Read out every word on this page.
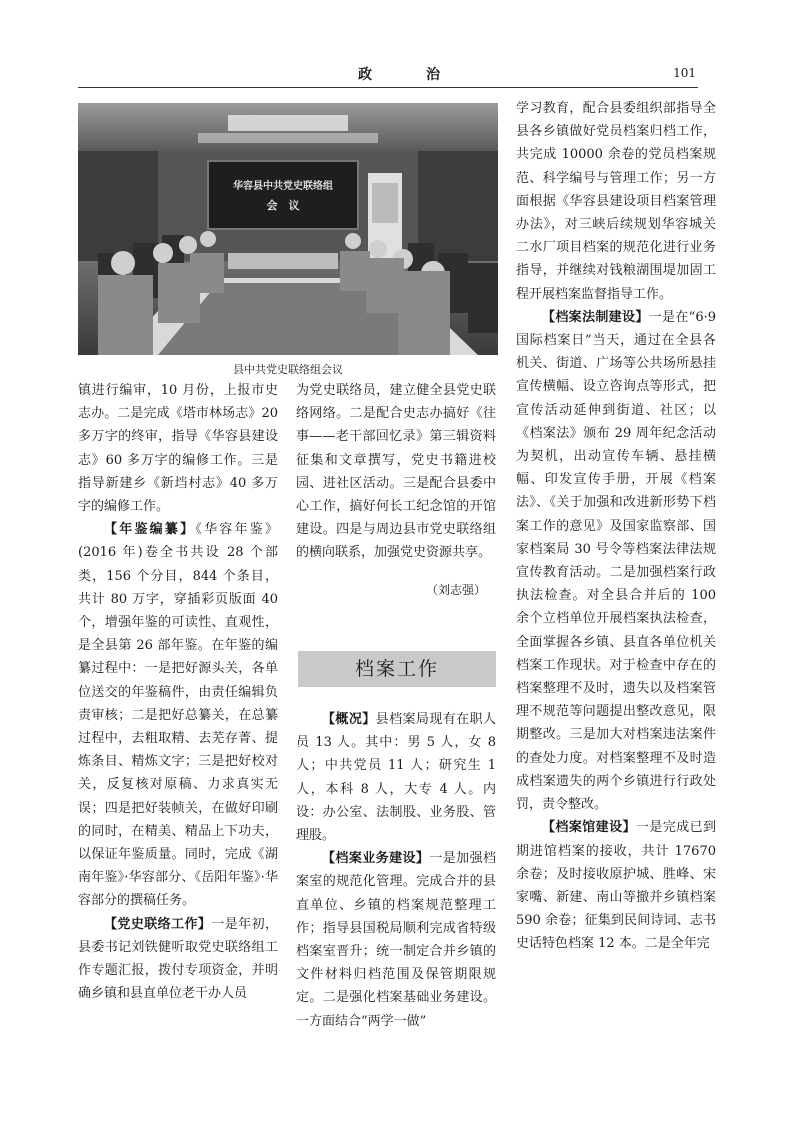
政　治	101
华容县中共党史联络组
会　议
县中共党史联络组会议

镇进行编审，10 月份，上报市史志办。二是完成《塔市林场志》20 多万字的终审，指导《华容县建设志》60 多万字的编修工作。三是指导新建乡《新垱村志》40 多万字的编修工作。

【年鉴编纂】《华容年鉴》(2016 年)卷全书共设 28 个部类，156 个分目，844 个条目，共计 80 万字，穿插彩页版面 40 个，增强年鉴的可读性、直观性，是全县第 26 部年鉴。在年鉴的编纂过程中：一是把好源头关，各单位送交的年鉴稿件，由责任编辑负责审核；二是把好总纂关，在总纂过程中，去粗取精、去芜存菁、提炼条目、精炼文字；三是把好校对关，反复核对原稿、力求真实无误；四是把好装帧关，在做好印刷的同时，在精美、精品上下功夫，以保证年鉴质量。同时，完成《湖南年鉴》·华容部分、《岳阳年鉴》·华容部分的撰稿任务。

【党史联络工作】一是年初，县委书记刘铁健听取党史联络组工作专题汇报，拨付专项资金，并明确乡镇和县直单位老干办人员

为党史联络员，建立健全县党史联络网络。二是配合史志办搞好《往事——老干部回忆录》第三辑资料征集和文章撰写，党史书籍进校园、进社区活动。三是配合县委中心工作，搞好何长工纪念馆的开馆建设。四是与周边县市党史联络组的横向联系，加强党史资源共享。

（刘志强）
档案工作

【概况】县档案局现有在职人员 13 人。其中：男 5 人，女 8 人；中共党员 11 人；研究生 1 人，本科 8 人，大专 4 人。内设：办公室、法制股、业务股、管理股。

【档案业务建设】一是加强档案室的规范化管理。完成合并的县直单位、乡镇的档案规范整理工作；指导县国税局顺利完成省特级档案室晋升；统一制定合并乡镇的文件材料归档范围及保管期限规定。二是强化档案基础业务建设。一方面结合“两学一做”

学习教育，配合县委组织部指导全县各乡镇做好党员档案归档工作，共完成 10000 余卷的党员档案规范、科学编号与管理工作；另一方面根据《华容县建设项目档案管理办法》，对三峡后续规划华容城关二水厂项目档案的规范化进行业务指导，并继续对钱粮湖围堤加固工程开展档案监督指导工作。

【档案法制建设】一是在“6·9 国际档案日”当天，通过在全县各机关、街道、广场等公共场所悬挂宣传横幅、设立咨询点等形式，把宣传活动延伸到街道、社区；以《档案法》颁布 29 周年纪念活动为契机，出动宣传车辆、悬挂横幅、印发宣传手册，开展《档案法》、《关于加强和改进新形势下档案工作的意见》及国家监察部、国家档案局 30 号令等档案法律法规宣传教育活动。二是加强档案行政执法检查。对全县合并后的 100 余个立档单位开展档案执法检查，全面掌握各乡镇、县直各单位机关档案工作现状。对于检查中存在的档案整理不及时，遗失以及档案管理不规范等问题提出整改意见，限期整改。三是加大对档案违法案件的查处力度。对档案整理不及时造成档案遗失的两个乡镇进行行政处罚，责令整改。

【档案馆建设】一是完成已到期进馆档案的接收，共计 17670 余卷；及时接收原护城、胜峰、宋家嘴、新建、南山等撤并乡镇档案 590 余卷；征集到民间诗词、志书史话特色档案 12 本。二是全年完
